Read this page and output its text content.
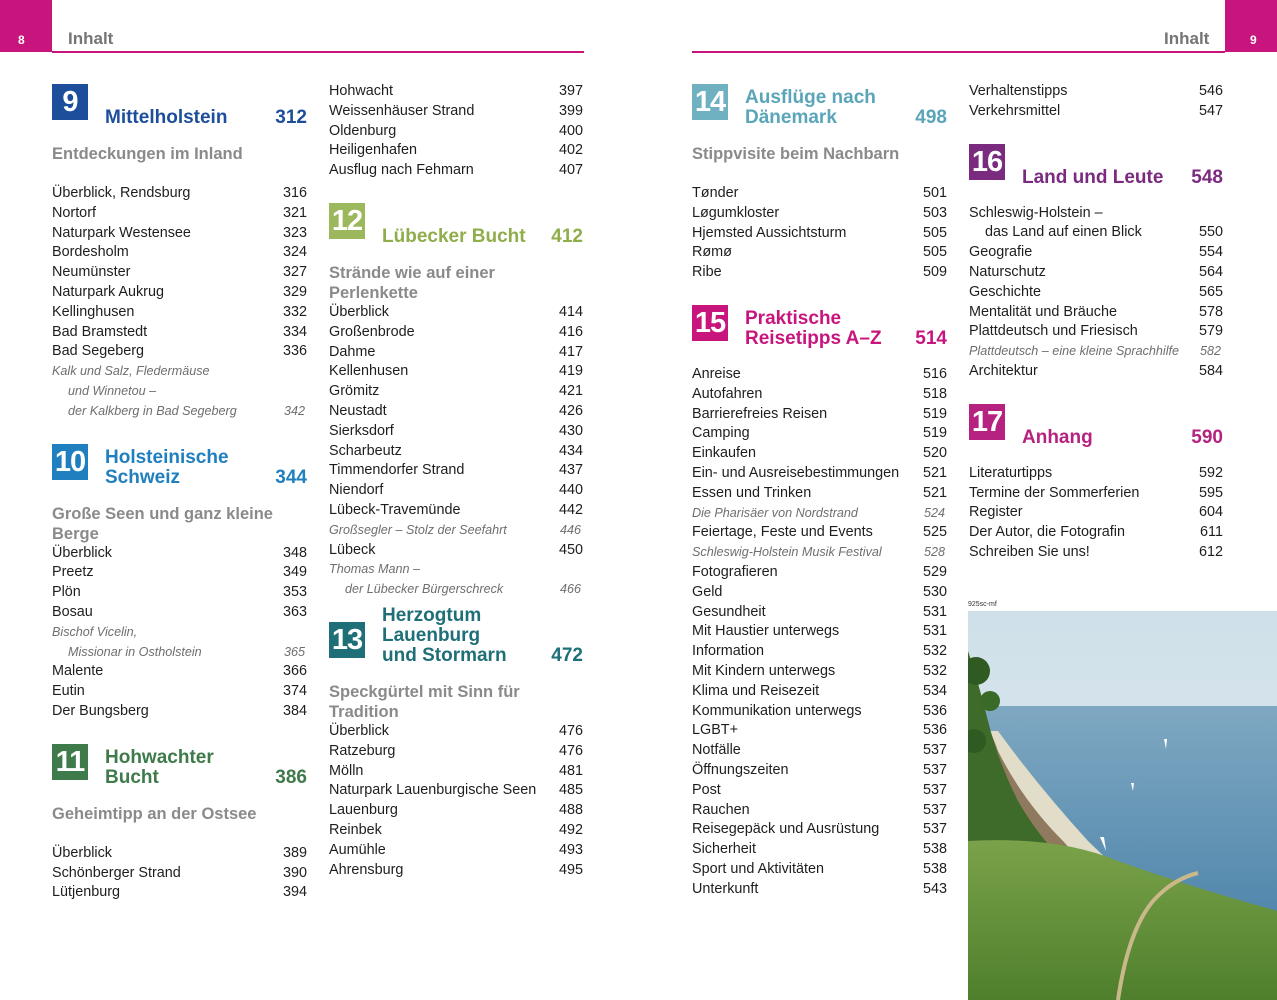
8	Inhalt	Inhalt	9
9	Mittelholstein	312
Entdeckungen im Inland
Überblick, Rendsburg	316
Nortorf	321
Naturpark Westensee	323
Bordesholm	324
Neumünster	327
Naturpark Aukrug	329
Kellinghusen	332
Bad Bramstedt	334
Bad Segeberg	336
Kalk und Salz, Fledermäuse
und Winnetou –
der Kalkberg in Bad Segeberg	342
10 Holsteinische
Schweiz	344
Große Seen und ganz kleine Berge
Überblick	348
Preetz	349
Plön	353
Bosau	363
Bischof Vicelin,
Missionar in Ostholstein	365
Malente	366
Eutin	374
Der Bungsberg	384
11 Hohwachter
Bucht	386
Geheimtipp an der Ostsee
Überblick	389
Schönberger Strand	390
Lütjenburg	394
Hohwacht	397
Weissenhäuser Strand	399
Oldenburg	400
Heiligenhafen	402
Ausflug nach Fehmarn	407
12 Lübecker Bucht	412
Strände wie auf einer Perlenkette
Überblick	414
Großenbrode	416
Dahme	417
Kellenhusen	419
Grömitz	421
Neustadt	426
Sierksdorf	430
Scharbeutz	434
Timmendorfer Strand	437
Niendorf	440
Lübeck-Travemünde	442
Großsegler – Stolz der Seefahrt	446
Lübeck	450
Thomas Mann –
der Lübecker Bürgerschreck	466
13
Herzogtum Lauenburg
und Stormarn	472
Speckgürtel mit Sinn für Tradition
Überblick	476
Ratzeburg	476
Mölln	481
Naturpark Lauenburgische Seen 485
Lauenburg	488
Reinbek	492
Aumühle	493
Ahrensburg	495
14 Ausflüge nach
Dänemark	498
Stippvisite beim Nachbarn
Tønder	501
Løgumkloster	503
Hjemsted Aussichtsturm	505
Rømø	505
Ribe	509
15 Praktische
Reisetipps A–Z	514
Anreise	516
Autofahren	518
Barrierefreies Reisen	519
Camping	519
Einkaufen	520
Ein- und Ausreisebestimmungen 521
Essen und Trinken	521
Die Pharisäer von Nordstrand	524
Feiertage, Feste und Events	525
Schleswig-Holstein Musik Festival	528
Fotografieren	529
Geld	530
Gesundheit	531
Mit Haustier unterwegs	531
Information	532
Mit Kindern unterwegs	532
Klima und Reisezeit	534
Kommunikation unterwegs	536
LGBT+	536
Notfälle	537
Öffnungszeiten	537
Post	537
Rauchen	537
Reisegepäck und Ausrüstung	537
Sicherheit	538
Sport und Aktivitäten	538
Unterkunft	543
Verhaltenstipps	546
Verkehrsmittel	547
16 Land und Leute	548
Schleswig-Holstein –
das Land auf einen Blick	550
Geografie	554
Naturschutz	564
Geschichte	565
Mentalität und Bräuche	578
Plattdeutsch und Friesisch	579
Plattdeutsch – eine kleine Sprachhilfe 582
Architektur	584
17 Anhang	590
Literaturtipps	592
Termine der Sommerferien	595
Register	604
Der Autor, die Fotografin	611
Schreiben Sie uns!	612
925sc-mf
